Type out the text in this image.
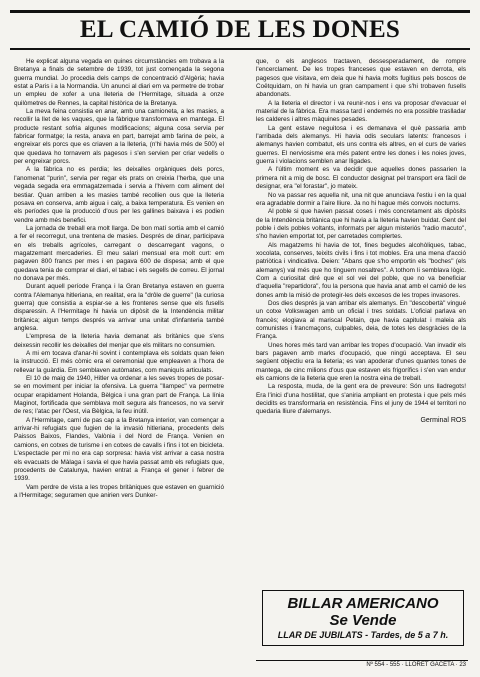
EL CAMIÓ DE LES DONES

He explicat alguna vegada en quines circumstàncies em trobava a la Bretanya a finals de setembre de 1939, tot just començada la segona guerra mundial. Jo procedia dels camps de concentració d'Algèria; havia estat a Paris i a la Normandia. Un anunci al diari em va permetre de trobar un empleu de xofer a una lleteria de l'Hermitage, situada a onze quilòmetres de Rennes, la capital històrica de la Bretanya.

La meva feina consistia en anar, amb una camioneta, a les masies, a recollir la llet de les vaques, que la fàbrique transformava en mantega. El producte restant sofria algunes modificacions; alguna cosa servia per fabricar formatge; la resta, anava en part, barrejat amb farina de peix, a engreixar els porcs que es criaven a la lleteria, (n'hi havia més de 500) el que quedava ho tornavem als pagesos i s'en servien per criar vedells o per engreixar porcs.

A la fàbrica no es perdia; les deixalles orgàniques dels porcs, l'anomenat "purin", servia per regar els prats on creixia l'herba, que una vegada segada era emmagatzemada i servia a l'hivern com aliment del bestiar. Quan arriben a les masies també recollien ous que la lleteria posava en conserva, amb aigua i calç, a baixa temperatura. Es venien en els períodes que la producció d'ous per les gallines baixava i es podien vendre amb més benefici.

La jornada de treball era molt llarga. De bon matí sortia amb el camió a fer el recorregut, una trentena de masies. Després de dinar, participava en els treballs agrícoles, carregant o descarregant vagons, o magatzemant mercaderies. El meu salari mensual era molt curt: em pagaven 800 francs per mes i en pagava 600 de dispesa; amb el que quedava tenia de comprar el diari, el tabac i els segells de correu. El jornal no donava per més.

Durant aquell període França i la Gran Bretanya estaven en guerra contra l'Alemanya hitleriana, en realitat, era la "drôle de guerre" (la curiosa guerra) que consistia a espiar-se a les fronteres sense que els fusells disparessin. A l'Hermitage hi havia un dipòsit de la Intendència militar britànica; algun temps després va arrivar una unitat d'infanteria també anglesa.

L'empresa de la lleteria havia demanat als britànics que s'ens deixessin recollir les deixalles del menjar que els militars no consumien.

A mi em tocava d'anar-hi sovint i contemplava els soldats quan feien la instrucció. El més còmic era el ceremonial que empleaven a l'hora de rellevar la guàrdia. Em semblaven autòmates, com maniquís articulats.

El 10 de maig de 1940, Hitler va ordenar a les seves tropes de posar-se en moviment per iniciar la ofensiva. La guerra "llampec" va permetre ocupar erapidament Holanda, Bèlgica i una gran part de França. La línia Maginot, fortificada que semblava molt segura als francesos, no va servir de res; l'atac per l'Oest, via Bèlgica, la feu inútil.

A l'Hermitage, camí de pas cap a la Bretanya interior, van començar a arrivar-hi refugiats que fugien de la invasió hitleriana, procedents dels Paissos Baixos, Flandes, Valònia i del Nord de França. Venien en camions, en cotxes de turisme i en cotxes de cavalls i fins i tot en bicicleta. L'espectacle per mi no era cap sorpresa: havia vist arrivar a casa nostra els evacuats de Màlaga i savia el que havia passat amb els refugiats que, procedents de Catalunya, havien entrat a França el gener i febrer de 1939.

Vam perdre de vista a les tropes britàniques que estaven en guarnició a l'Hermitage; seguramen que anirien vers Dunker-

que, o els anglesos tractaven, dessesperadament, de rompre l'encerclament. De les tropes franceses que estaven en derrota, els pagesos que visitava, em deia que hi havia molts fugitius pels boscos de Coëtquidam, on hi havia un gran campament i que s'hi trobaven fusells abandonats.

A la lleteria el director i va reunir-nos i ens va proposar d'evacuar el material de la fàbrica. Era massa tard i endemés no era possible traslladar les calderes i altres màquines pesades.

La gent estave neguitosa i es demanava el què passaria amb l'arribada dels alemanys. Hi havia odis seculars latents: francesos i alemanys havien combatut, els uns contra els altres, en el curs de varies guerres. El nerviosisme era més patent entre les dones i les noies joves, guerra i violacions semblen anar lligades.

A l'últim moment es va decidir que aquelles dones passarien la primera nit a mig de bosc. El conductor designat pel transport era fàcil de designar, era "el forastar", jo mateix.

No va passar res aquella nit, una nit que anunciava l'estiu i en la qual era agradable dormir a l'aire lliure. Ja no hi hague més convois nocturns.

Al poble si que havien passat coses i més concretament als dipòsits de la Intendència britànica que hi havia a la lleteria havien buidat. Gent del poble i dels pobles voltants, informats per algun misteriós "radio macuto", s'ho havien emportat tot, per carretades complertes.

Als magatzems hi havia de tot, fines begudes alcohòliques, tabac, xocolata, conserves, teixits civils i fins i tot mobles. Era una mena d'acció patriòtica i vindicativa. Deien: "Abans que s'ho emportin els "boches" (els alemanys) val més que ho tinguem nosaltres". A tothom li semblava lògic. Com a curiositat diré que el sol vei del poble, que no va beneficiar d'aquella "repartidora", fou la persona que havia anat amb el camió de les dones amb la misió de protegir-les dels excesos de les tropes invasores.

Dos dies després ja van arribar els alemanys. En "descobertà" vingué un cotxe Volkswagen amb un oficial i tres soldats. L'oficial parlava en francès; elogiava al mariscal Petain, que havia capitulat i maleia als comunistes i francmaçons, culpables, deia, de totes les desgràcies de la França.

Unes hores més tard van arribar les tropes d'ocupació. Van invadir els bars pagaven amb marks d'ocupació, que ningú acceptava. El seu següent objectiu era la lleteria; es van apoderar d'unes quantes tones de mantega, de cinc milions d'ous que estaven els frigorífics i s'en van endur els camions de la lleteria que eren la nostra eina de treball.

La resposta, muda, de la gent era de preveure: Són uns lladregots! Era l'inici d'una hostilitat, que s'aniria ampliant en protesta i que pels més decidits es transformaria en resistència. Fins el juny de 1944 el territori no quedaria lliure d'alemanys.

Germinal ROS

BILLAR AMERICANO
Se Vende
LLAR DE JUBILATS - Tardes, de 5 a 7 h.
Nº 554 - 555 · LLORET GACETA · 23
